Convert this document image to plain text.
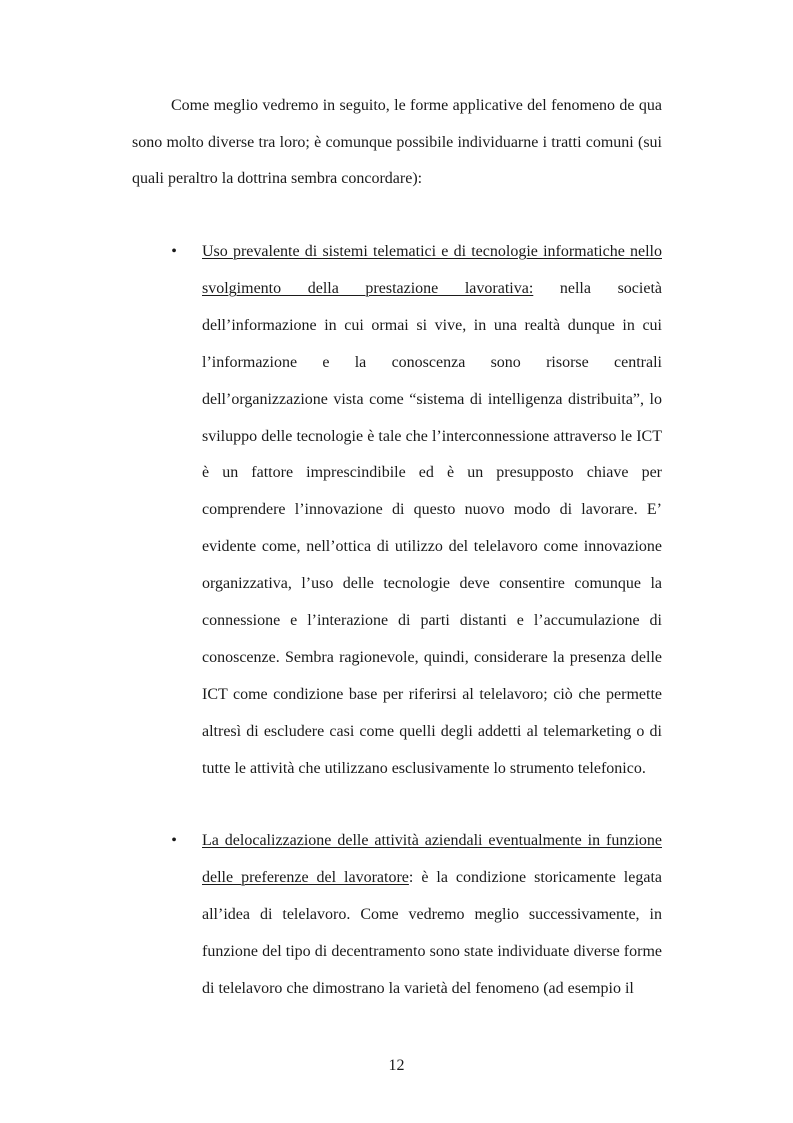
Come meglio vedremo in seguito, le forme applicative del fenomeno de qua sono molto diverse tra loro; è comunque possibile individuarne i tratti comuni (sui quali peraltro la dottrina sembra concordare):

• Uso prevalente di sistemi telematici e di tecnologie informatiche nello svolgimento della prestazione lavorativa: nella società dell’informazione in cui ormai si vive, in una realtà dunque in cui l’informazione e la conoscenza sono risorse centrali dell’organizzazione vista come “sistema di intelligenza distribuita”, lo sviluppo delle tecnologie è tale che l’interconnessione attraverso le ICT è un fattore imprescindibile ed è un presupposto chiave per comprendere l’innovazione di questo nuovo modo di lavorare. E’ evidente come, nell’ottica di utilizzo del telelavoro come innovazione organizzativa, l’uso delle tecnologie deve consentire comunque la connessione e l’interazione di parti distanti e l’accumulazione di conoscenze. Sembra ragionevole, quindi, considerare la presenza delle ICT come condizione base per riferirsi al telelavoro; ciò che permette altresì di escludere casi come quelli degli addetti al telemarketing o di tutte le attività che utilizzano esclusivamente lo strumento telefonico.

• La delocalizzazione delle attività aziendali eventualmente in funzione delle preferenze del lavoratore: è la condizione storicamente legata all’idea di telelavoro. Come vedremo meglio successivamente, in funzione del tipo di decentramento sono state individuate diverse forme di telelavoro che dimostrano la varietà del fenomeno (ad esempio il

12
